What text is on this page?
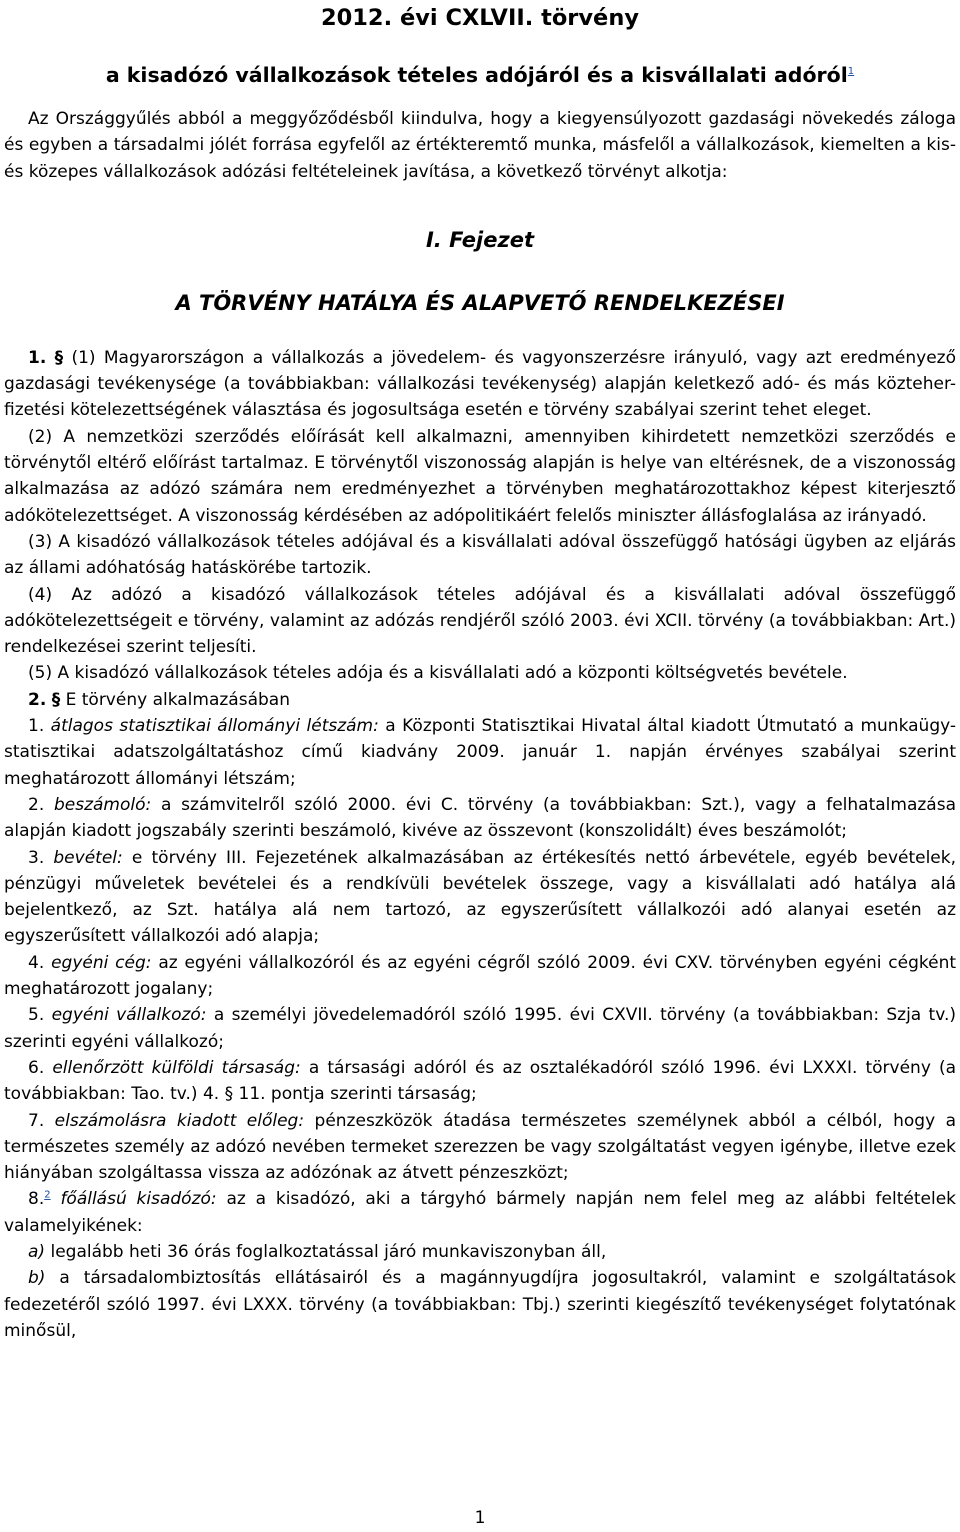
2012. évi CXLVII. törvény
a kisadózó vállalkozások tételes adójáról és a kisvállalati adóról$^1$

Az Országgyűlés abból a meggyőződésből kiindulva, hogy a kiegyensúlyozott gazdasági növekedés záloga és egyben a társadalmi jólét forrása egyfelől az értékteremtő munka, másfelől a vállalkozások, kiemelten a kis- és közepes vállalkozások adózási feltételeinek javítása, a következő törvényt alkotja:

I. Fejezet
A TÖRVÉNY HATÁLYA ÉS ALAPVETŐ RENDELKEZÉSEI

1. § (1) Magyarországon a vállalkozás a jövedelem- és vagyonszerzésre irányuló, vagy azt eredményező gazdasági tevékenysége (a továbbiakban: vállalkozási tevékenység) alapján keletkező adó- és más közteher-fizetési kötelezettségének választása és jogosultsága esetén e törvény szabályai szerint tehet eleget.

(2) A nemzetközi szerződés előírását kell alkalmazni, amennyiben kihirdetett nemzetközi szerződés e törvénytől eltérő előírást tartalmaz. E törvénytől viszonosság alapján is helye van eltérésnek, de a viszonosság alkalmazása az adózó számára nem eredményezhet a törvényben meghatározottakhoz képest kiterjesztő adókötelezettséget. A viszonosság kérdésében az adópolitikáért felelős miniszter állásfoglalása az irányadó.

(3) A kisadózó vállalkozások tételes adójával és a kisvállalati adóval összefüggő hatósági ügyben az eljárás az állami adóhatóság hatáskörébe tartozik.

(4) Az adózó a kisadózó vállalkozások tételes adójával és a kisvállalati adóval összefüggő adókötelezettségeit e törvény, valamint az adózás rendjéről szóló 2003. évi XCII. törvény (a továbbiakban: Art.) rendelkezései szerint teljesíti.

(5) A kisadózó vállalkozások tételes adója és a kisvállalati adó a központi költségvetés bevétele.

2. § E törvény alkalmazásában

1. átlagos statisztikai állományi létszám: a Központi Statisztikai Hivatal által kiadott Útmutató a munkaügy-statisztikai adatszolgáltatáshoz című kiadvány 2009. január 1. napján érvényes szabályai szerint meghatározott állományi létszám;

2. beszámoló: a számvitelről szóló 2000. évi C. törvény (a továbbiakban: Szt.), vagy a felhatalmazása alapján kiadott jogszabály szerinti beszámoló, kivéve az összevont (konszolidált) éves beszámolót;

3. bevétel: e törvény III. Fejezetének alkalmazásában az értékesítés nettó árbevétele, egyéb bevételek, pénzügyi műveletek bevételei és a rendkívüli bevételek összege, vagy a kisvállalati adó hatálya alá bejelentkező, az Szt. hatálya alá nem tartozó, az egyszerűsített vállalkozói adó alanyai esetén az egyszerűsített vállalkozói adó alapja;

4. egyéni cég: az egyéni vállalkozóról és az egyéni cégről szóló 2009. évi CXV. törvényben egyéni cégként meghatározott jogalany;

5. egyéni vállalkozó: a személyi jövedelemadóról szóló 1995. évi CXVII. törvény (a továbbiakban: Szja tv.) szerinti egyéni vállalkozó;

6. ellenőrzött külföldi társaság: a társasági adóról és az osztalékadóról szóló 1996. évi LXXXI. törvény (a továbbiakban: Tao. tv.) 4. § 11. pontja szerinti társaság;

7. elszámolásra kiadott előleg: pénzeszközök átadása természetes személynek abból a célból, hogy a természetes személy az adózó nevében termeket szerezzen be vagy szolgáltatást vegyen igénybe, illetve ezek hiányában szolgáltassa vissza az adózónak az átvett pénzeszközt;

8.$^2$ főállású kisadózó: az a kisadózó, aki a tárgyhó bármely napján nem felel meg az alábbi feltételek valamelyikének:

a) legalább heti 36 órás foglalkoztatással járó munkaviszonyban áll,

b) a társadalombiztosítás ellátásairól és a magánnyugdíjra jogosultakról, valamint e szolgáltatások fedezetéről szóló 1997. évi LXXX. törvény (a továbbiakban: Tbj.) szerinti kiegészítő tevékenységet folytatónak minősül,

1
